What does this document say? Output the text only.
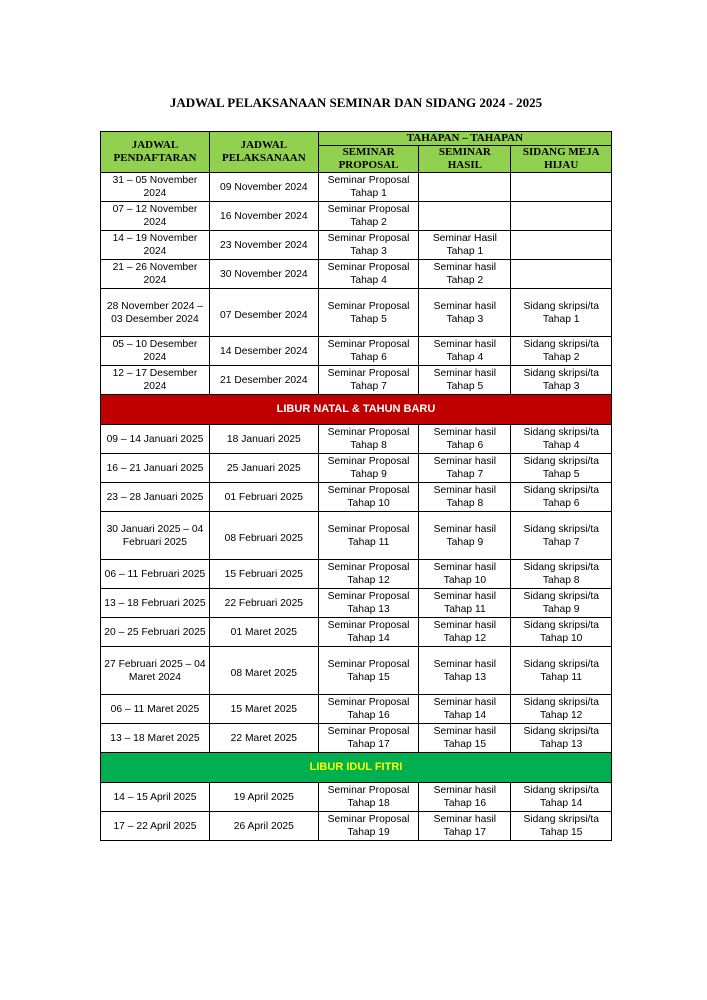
JADWAL PELAKSANAAN SEMINAR DAN SIDANG 2024 - 2025
JADWAL PENDAFTARAN	JADWAL PELAKSANAAN	TAHAPAN – TAHAPAN		
		SEMINAR PROPOSAL	SEMINAR HASIL	SIDANG MEJA HIJAU
31 – 05 November 2024	09 November 2024	Seminar Proposal Tahap 1		
07 – 12 November 2024	16 November 2024	Seminar Proposal Tahap 2		
14 – 19 November 2024	23 November 2024	Seminar Proposal Tahap 3	Seminar Hasil Tahap 1	
21 – 26 November 2024	30 November 2024	Seminar Proposal Tahap 4	Seminar hasil Tahap 2	
28 November 2024 – 03 Desember 2024	07 Desember 2024	Seminar Proposal Tahap 5	Seminar hasil Tahap 3	Sidang skripsi/ta Tahap 1
05 – 10 Desember 2024	14 Desember 2024	Seminar Proposal Tahap 6	Seminar hasil Tahap 4	Sidang skripsi/ta Tahap 2
12 – 17 Desember 2024	21 Desember 2024	Seminar Proposal Tahap 7	Seminar hasil Tahap 5	Sidang skripsi/ta Tahap 3
LIBUR NATAL & TAHUN BARU				
09 – 14 Januari 2025	18 Januari 2025	Seminar Proposal Tahap 8	Seminar hasil Tahap 6	Sidang skripsi/ta Tahap 4
16 – 21 Januari 2025	25 Januari 2025	Seminar Proposal Tahap 9	Seminar hasil Tahap 7	Sidang skripsi/ta Tahap 5
23 – 28 Januari 2025	01 Februari 2025	Seminar Proposal Tahap 10	Seminar hasil Tahap 8	Sidang skripsi/ta Tahap 6
30 Januari 2025 – 04 Februari 2025	08 Februari 2025	Seminar Proposal Tahap 11	Seminar hasil Tahap 9	Sidang skripsi/ta Tahap 7
06 – 11 Februari 2025	15 Februari 2025	Seminar Proposal Tahap 12	Seminar hasil Tahap 10	Sidang skripsi/ta Tahap 8
13 – 18 Februari 2025	22 Februari 2025	Seminar Proposal Tahap 13	Seminar hasil Tahap 11	Sidang skripsi/ta Tahap 9
20 – 25 Februari 2025	01 Maret 2025	Seminar Proposal Tahap 14	Seminar hasil Tahap 12	Sidang skripsi/ta Tahap 10
27 Februari 2025 – 04 Maret 2024	08 Maret 2025	Seminar Proposal Tahap 15	Seminar hasil Tahap 13	Sidang skripsi/ta Tahap 11
06 – 11 Maret 2025	15 Maret 2025	Seminar Proposal Tahap 16	Seminar hasil Tahap 14	Sidang skripsi/ta Tahap 12
13 – 18 Maret 2025	22 Maret 2025	Seminar Proposal Tahap 17	Seminar hasil Tahap 15	Sidang skripsi/ta Tahap 13
LIBUR IDUL FITRI				
14 – 15 April 2025	19 April 2025	Seminar Proposal Tahap 18	Seminar hasil Tahap 16	Sidang skripsi/ta Tahap 14
17 – 22 April 2025	26 April 2025	Seminar Proposal Tahap 19	Seminar hasil Tahap 17	Sidang skripsi/ta Tahap 15
